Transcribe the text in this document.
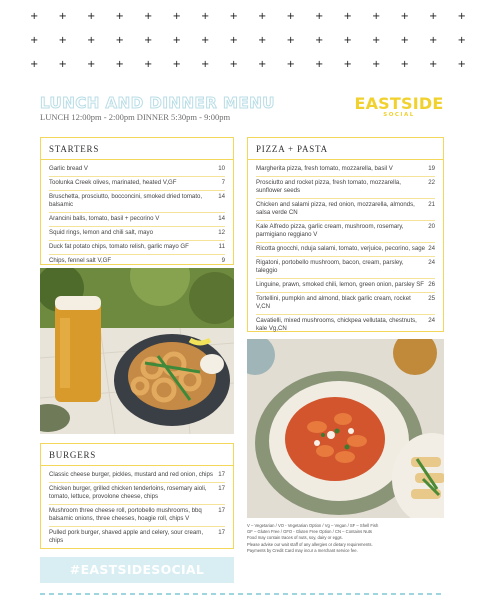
+ + + + + + + + + + + + + + + +
+ + + + + + + + + + + + + + + +
+ + + + + + + + + + + + + + + +
LUNCH AND DINNER MENU
LUNCH 12:00pm - 2:00pm DINNER 5:30pm - 9:00pm
EASTSIDE
SOCIAL
STARTERS
10
Garlic bread V
7
Toolunka Creek olives, marinated, heated V,GF
14
Bruschetta, prosciutto, bocconcini, smoked dried tomato, balsamic
14
Arancini balls, tomato, basil + pecorino V
12
Squid rings, lemon and chili salt, mayo
11
Duck fat potato chips, tomato relish, garlic mayo GF
9
Chips, fennel salt V,GF
PIZZA + PASTA
19
Margherita pizza, fresh tomato, mozzarella, basil V
22
Prosciutto and rocket pizza, fresh tomato, mozzarella, sunflower seeds
21
Chicken and salami pizza, red onion, mozzarella, almonds, salsa verde CN
20
Kale Alfredo pizza, garlic cream, mushroom, rosemary, parmigiano reggiano V
24
Ricotta gnocchi, nduja salami, tomato, verjuice, pecorino, sage
24
Rigatoni, portobello mushroom, bacon, cream, parsley, taleggio
26
Linguine, prawn, smoked chili, lemon, green onion, parsley SF
25
Tortellini, pumpkin and almond, black garlic cream, rocket V,CN
24
Cavatielli, mixed mushrooms, chickpea vellutata, chestnuts, kale Vg,CN
BURGERS
17
Classic cheese burger, pickles, mustard and red onion, chips
17
Chicken burger, grilled chicken tenderloins, rosemary aioli, tomato, lettuce, provolone cheese, chips
17
Mushroom three cheese roll, portobello mushrooms, bbq balsamic onions, three cheeses, hoagie roll, chips V
17
Pulled pork burger, shaved apple and celery, sour cream, chips
V – Vegetarian / VO - Vegetarian Option / Vg – Vegan / SF – Shell Fish
GF – Gluten Free / GFO - Gluten Free Option / CN – Contains Nuts
Food may contain traces of nuts, soy, dairy or eggs.
Please advise our wait staff of any allergies or dietary requirements.
Payments by Credit Card may incur a merchant service fee.
#EASTSIDESOCIAL
